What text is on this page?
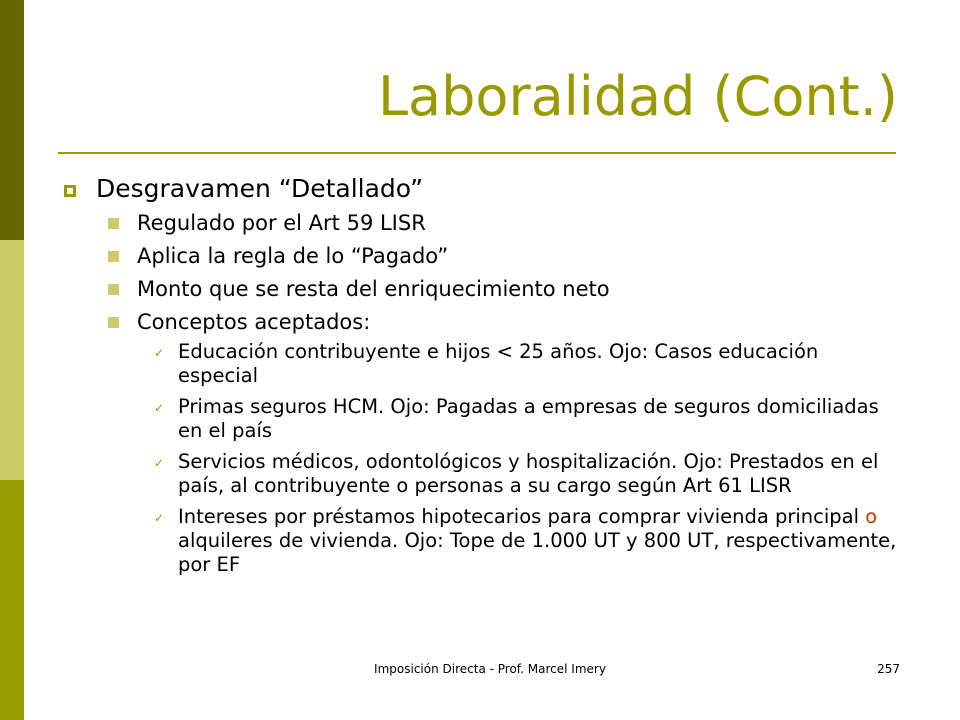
Laboralidad (Cont.)
Desgravamen “Detallado”
Regulado por el Art 59 LISR
Aplica la regla de lo “Pagado”
Monto que se resta del enriquecimiento neto
Conceptos aceptados:
✓ Educación contribuyente e hijos < 25 años. Ojo: Casos educación especial
✓ Primas seguros HCM. Ojo: Pagadas a empresas de seguros domiciliadas en el país
✓ Servicios médicos, odontológicos y hospitalización. Ojo: Prestados en el país, al contribuyente o personas a su cargo según Art 61 LISR
✓ Intereses por préstamos hipotecarios para comprar vivienda principal o alquileres de vivienda. Ojo: Tope de 1.000 UT y 800 UT, respectivamente, por EF
Imposición Directa - Prof. Marcel Imery	257
